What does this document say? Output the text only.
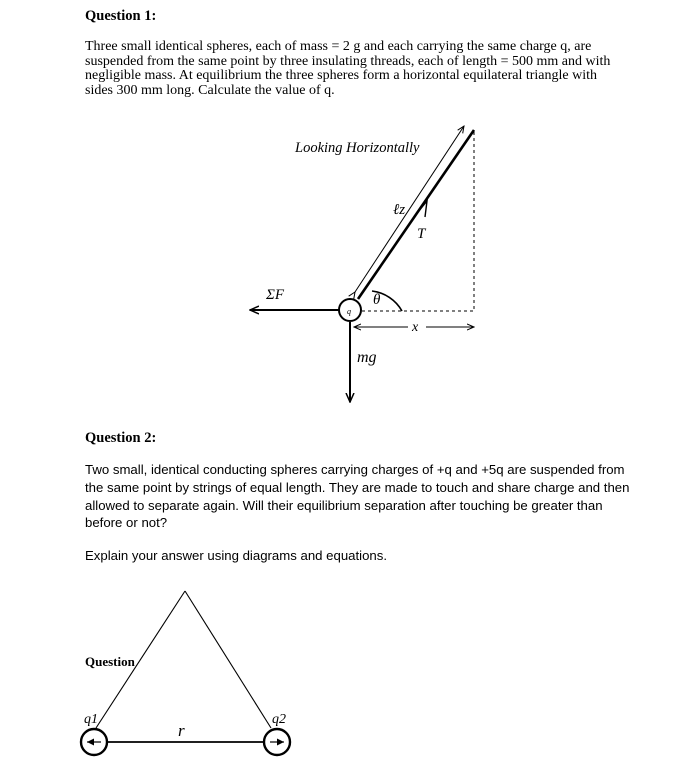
Question 1:
Three small identical spheres, each of mass = 2 g and each carrying the same charge q, are
suspended from the same point by three insulating threads, each of length = 500 mm and with
negligible mass. At equilibrium the three spheres form a horizontal equilateral triangle with
sides 300 mm long. Calculate the value of q.
Looking Horizontally
ℓz
T
ΣF
q
θ
x
mg
Question 2:
Two small, identical conducting spheres carrying charges of +q and +5q are suspended from
the same point by strings of equal length. They are made to touch and share charge and then
allowed to separate again. Will their equilibrium separation after touching be greater than
before or not?
Explain your answer using diagrams and equations.
Question
q1	q2
r
